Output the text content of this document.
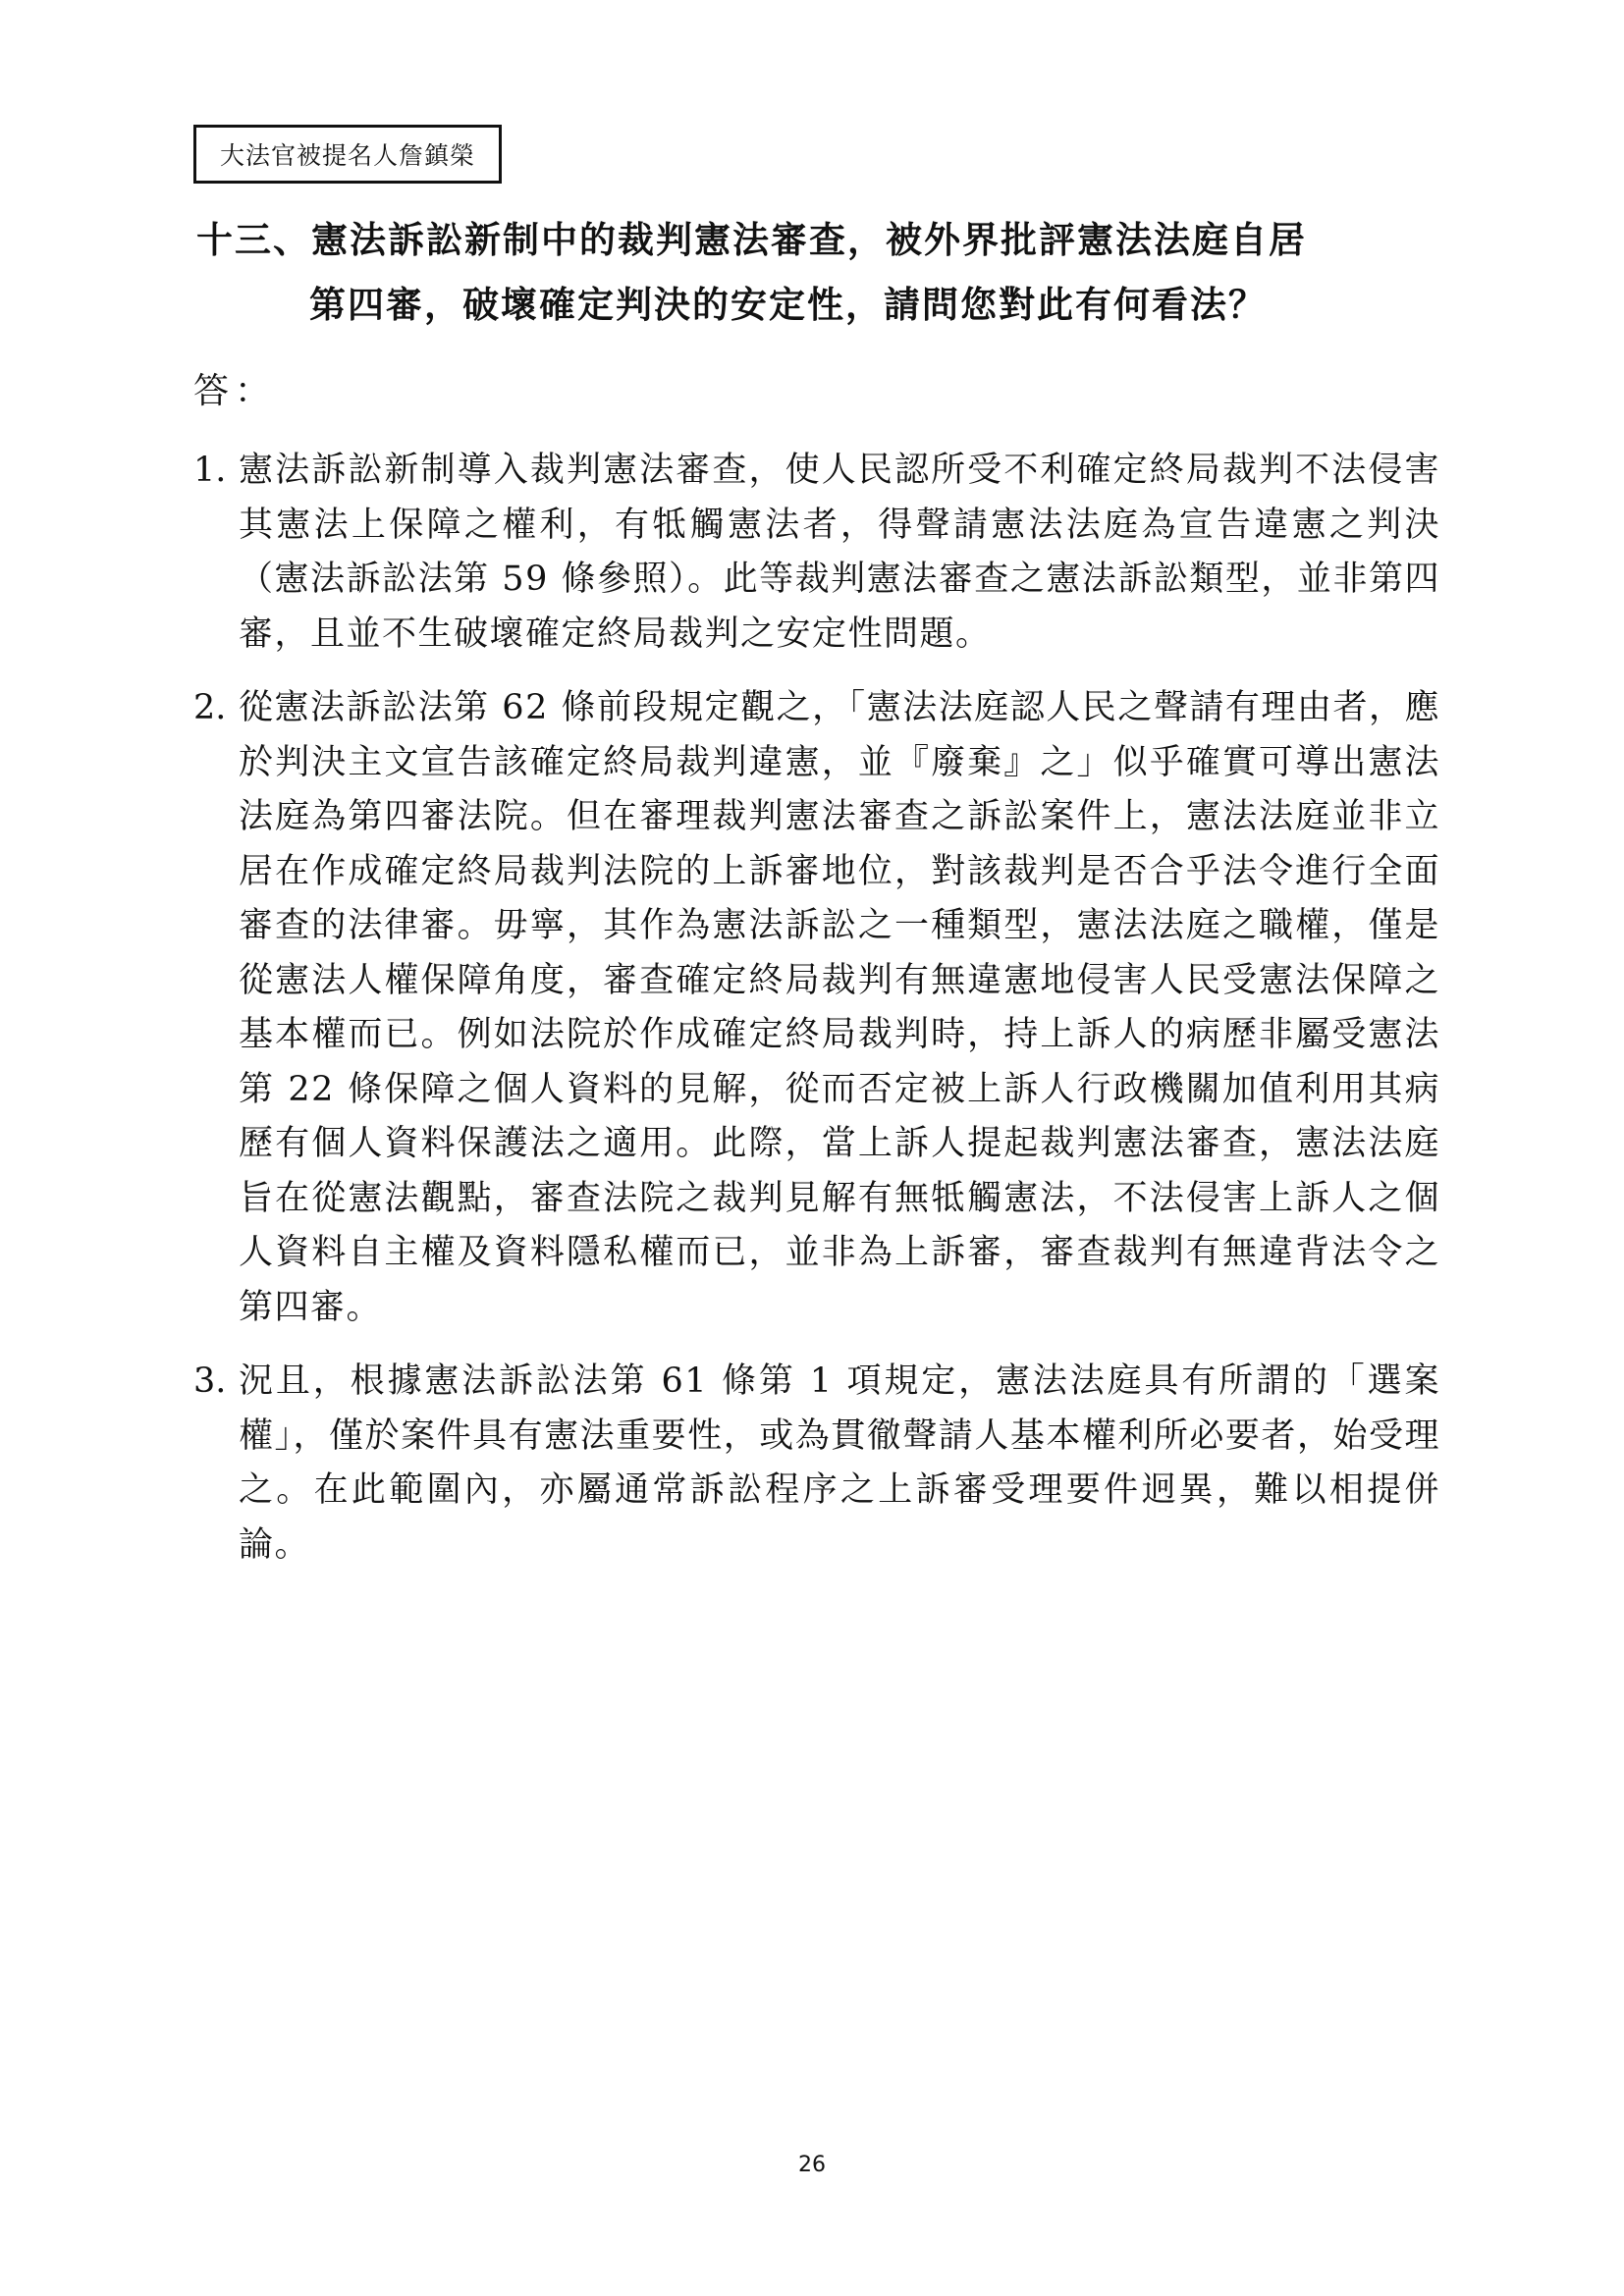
大法官被提名人詹鎮榮
十三、憲法訴訟新制中的裁判憲法審查，被外界批評憲法法庭自居
第四審，破壞確定判決的安定性，請問您對此有何看法？
答：
1. 憲法訴訟新制導入裁判憲法審查，使人民認所受不利確定終局裁判不法侵害其憲法上保障之權利，有牴觸憲法者，得聲請憲法法庭為宣告違憲之判決（憲法訴訟法第 59 條參照）。此等裁判憲法審查之憲法訴訟類型，並非第四審，且並不生破壞確定終局裁判之安定性問題。
2. 從憲法訴訟法第 62 條前段規定觀之，「憲法法庭認人民之聲請有理由者，應於判決主文宣告該確定終局裁判違憲，並『廢棄』之」似乎確實可導出憲法法庭為第四審法院。但在審理裁判憲法審查之訴訟案件上，憲法法庭並非立居在作成確定終局裁判法院的上訴審地位，對該裁判是否合乎法令進行全面審查的法律審。毋寧，其作為憲法訴訟之一種類型，憲法法庭之職權，僅是從憲法人權保障角度，審查確定終局裁判有無違憲地侵害人民受憲法保障之基本權而已。例如法院於作成確定終局裁判時，持上訴人的病歷非屬受憲法第 22 條保障之個人資料的見解，從而否定被上訴人行政機關加值利用其病歷有個人資料保護法之適用。此際，當上訴人提起裁判憲法審查，憲法法庭旨在從憲法觀點，審查法院之裁判見解有無牴觸憲法，不法侵害上訴人之個人資料自主權及資料隱私權而已，並非為上訴審，審查裁判有無違背法令之第四審。
3. 況且，根據憲法訴訟法第 61 條第 1 項規定，憲法法庭具有所謂的「選案權」，僅於案件具有憲法重要性，或為貫徹聲請人基本權利所必要者，始受理之。在此範圍內，亦屬通常訴訟程序之上訴審受理要件迥異，難以相提併論。
26
